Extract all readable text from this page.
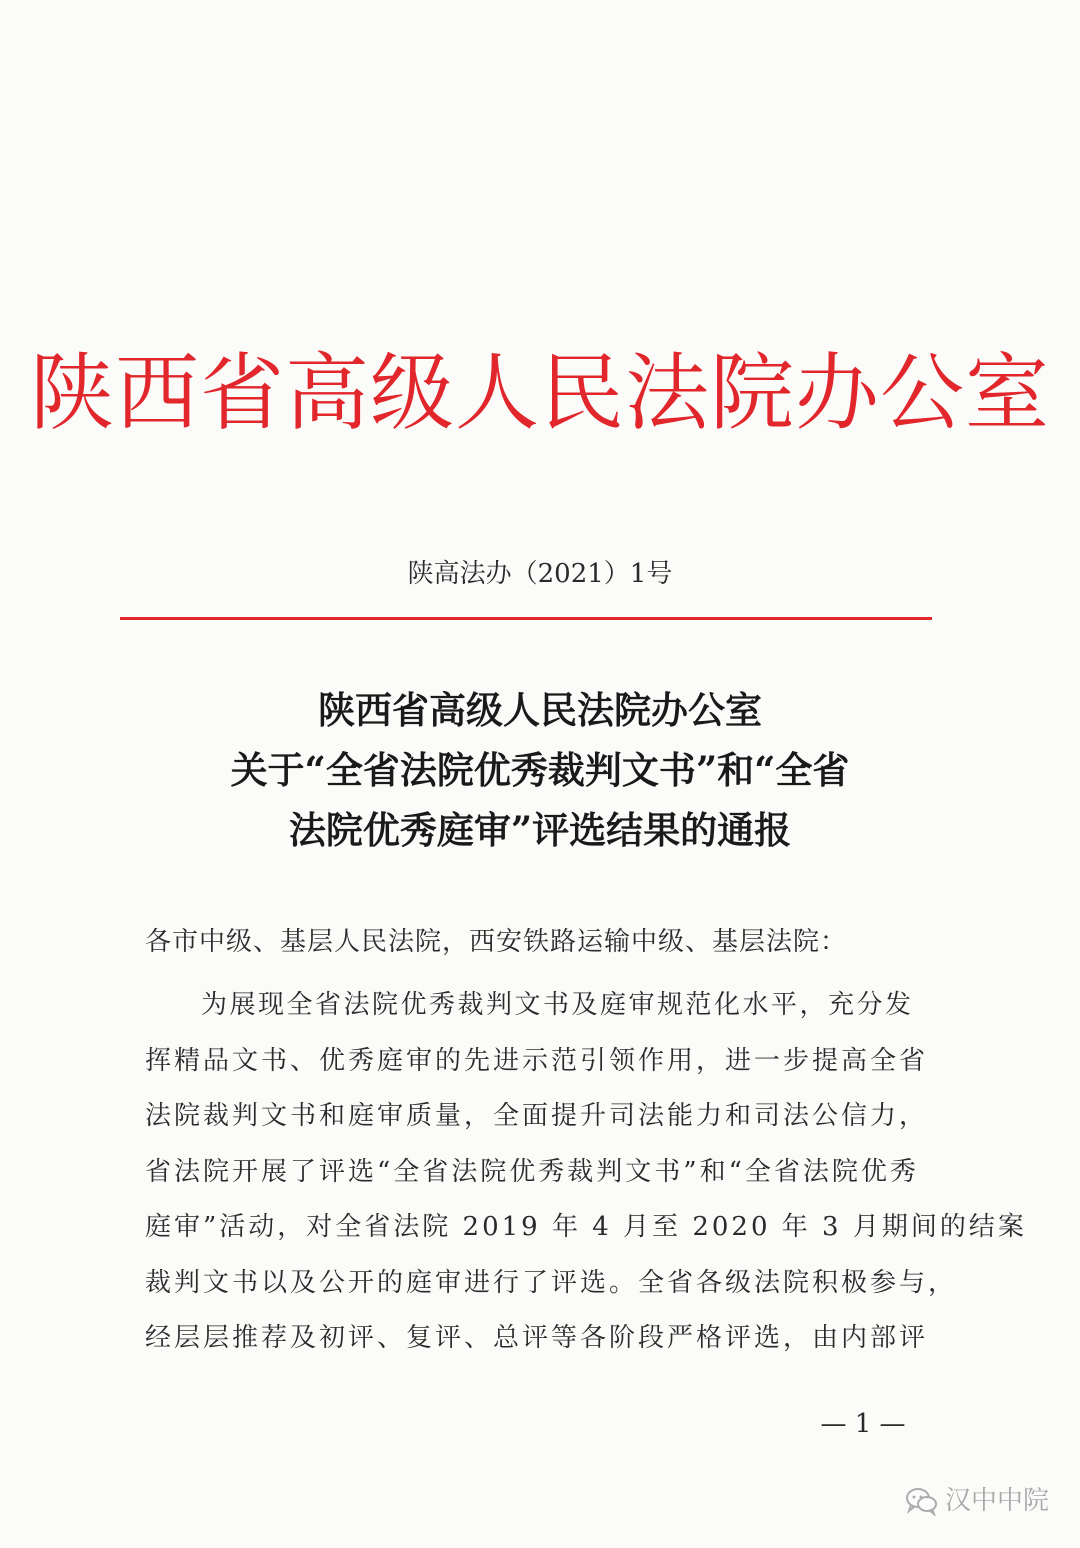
陕西省高级人民法院办公室
陕高法办（2021）1号
陕西省高级人民法院办公室
关于“全省法院优秀裁判文书”和“全省
法院优秀庭审”评选结果的通报
各市中级、基层人民法院，西安铁路运输中级、基层法院：
为展现全省法院优秀裁判文书及庭审规范化水平，充分发
挥精品文书、优秀庭审的先进示范引领作用，进一步提高全省
法院裁判文书和庭审质量，全面提升司法能力和司法公信力，
省法院开展了评选“全省法院优秀裁判文书”和“全省法院优秀
庭审”活动，对全省法院 2019 年 4 月至 2020 年 3 月期间的结案
裁判文书以及公开的庭审进行了评选。全省各级法院积极参与，
经层层推荐及初评、复评、总评等各阶段严格评选，由内部评
— 1 —
汉中中院
